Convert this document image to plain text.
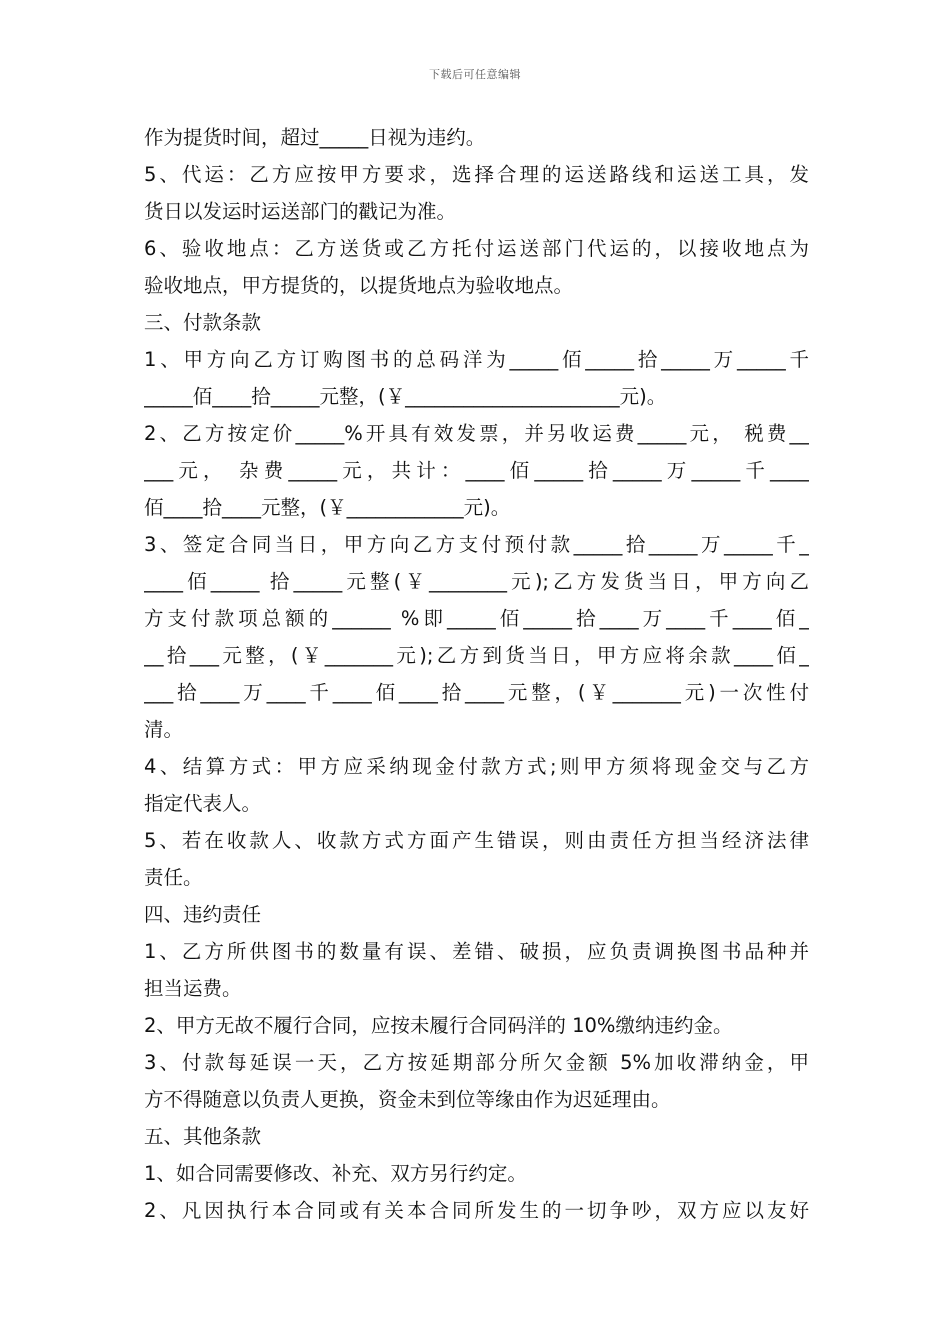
下载后可任意编辑
作为提货时间，超过_____日视为违约。
5、代运：乙方应按甲方要求，选择合理的运送路线和运送工具，发
货日以发运时运送部门的戳记为准。
6、验收地点：乙方送货或乙方托付运送部门代运的，以接收地点为
验收地点，甲方提货的，以提货地点为验收地点。
三、付款条款
1、甲方向乙方订购图书的总码洋为_____佰_____拾_____万_____千
_____佰____拾_____元整，(￥______________________元)。
2、乙方按定价_____%开具有效发票，并另收运费_____元， 税费__
___元， 杂费_____元，共计：____佰_____拾_____万_____千____
佰____拾____元整，(￥____________元)。
3、签定合同当日，甲方向乙方支付预付款_____拾_____万_____千_
____佰_____ 拾_____元整(￥________元);乙方发货当日，甲方向乙
方支付款项总额的______ %即_____佰_____拾____万____千____佰_
__拾___元整，(￥_______元);乙方到货当日，甲方应将余款____佰_
___拾____万____千____佰____拾____元整，(￥_______元)一次性付
清。
4、结算方式：甲方应采纳现金付款方式;则甲方须将现金交与乙方
指定代表人。
5、若在收款人、收款方式方面产生错误，则由责任方担当经济法律
责任。
四、违约责任
1、乙方所供图书的数量有误、差错、破损，应负责调换图书品种并
担当运费。
2、甲方无故不履行合同，应按未履行合同码洋的 10%缴纳违约金。
3、付款每延误一天，乙方按延期部分所欠金额 5%加收滞纳金，甲
方不得随意以负责人更换，资金未到位等缘由作为迟延理由。
五、其他条款
1、如合同需要修改、补充、双方另行约定。
2、凡因执行本合同或有关本合同所发生的一切争吵，双方应以友好
